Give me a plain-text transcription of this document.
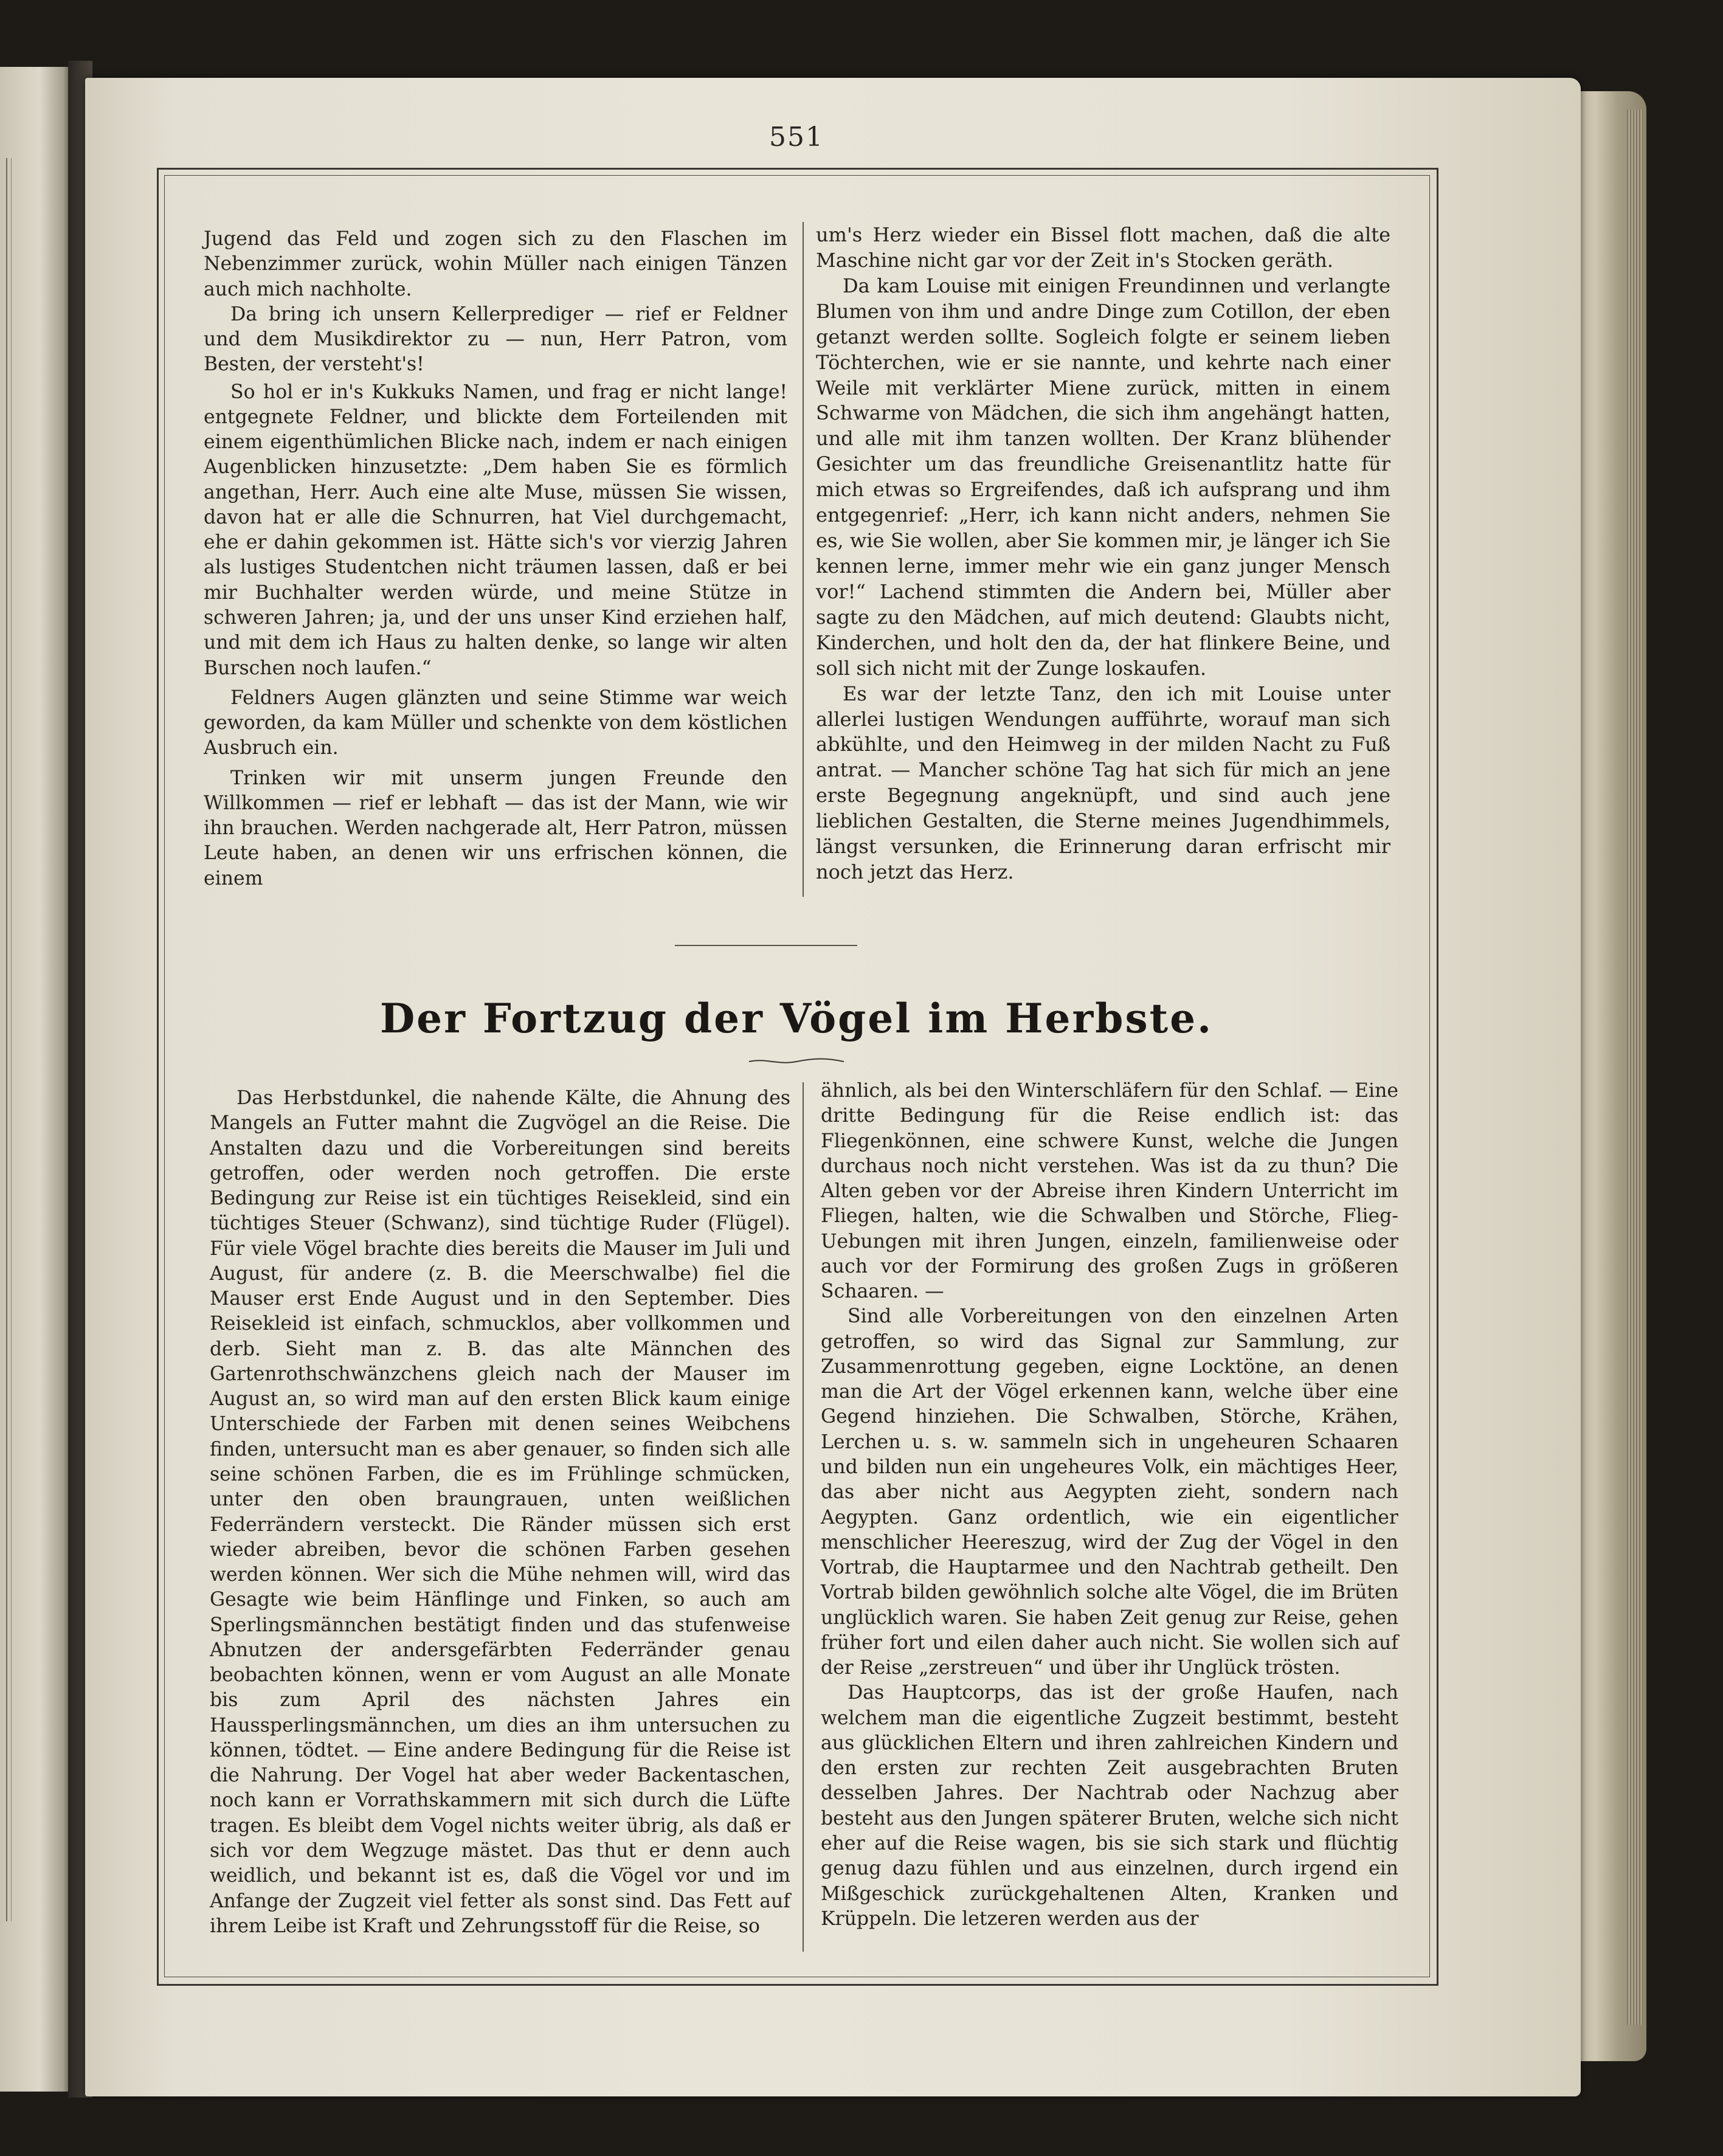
551

Jugend das Feld und zogen sich zu den Flaschen im Nebenzimmer zurück, wohin Müller nach einigen Tänzen auch mich nachholte.

Da bring ich unsern Kellerprediger — rief er Feldner und dem Musikdirektor zu — nun, Herr Patron, vom Besten, der versteht's!

So hol er in's Kukkuks Namen, und frag er nicht lange! entgegnete Feldner, und blickte dem Forteilenden mit einem eigenthümlichen Blicke nach, indem er nach einigen Augenblicken hinzusetzte: „Dem haben Sie es förmlich angethan, Herr. Auch eine alte Muse, müssen Sie wissen, davon hat er alle die Schnurren, hat Viel durchgemacht, ehe er dahin gekommen ist. Hätte sich's vor vierzig Jahren als lustiges Studentchen nicht träumen lassen, daß er bei mir Buchhalter werden würde, und meine Stütze in schweren Jahren; ja, und der uns unser Kind erziehen half, und mit dem ich Haus zu halten denke, so lange wir alten Burschen noch laufen.“

Feldners Augen glänzten und seine Stimme war weich geworden, da kam Müller und schenkte von dem köstlichen Ausbruch ein.

Trinken wir mit unserm jungen Freunde den Willkommen — rief er lebhaft — das ist der Mann, wie wir ihn brauchen. Werden nachgerade alt, Herr Patron, müssen Leute haben, an denen wir uns erfrischen können, die einem

um's Herz wieder ein Bissel flott machen, daß die alte Maschine nicht gar vor der Zeit in's Stocken geräth.

Da kam Louise mit einigen Freundinnen und verlangte Blumen von ihm und andre Dinge zum Cotillon, der eben getanzt werden sollte. Sogleich folgte er seinem lieben Töchterchen, wie er sie nannte, und kehrte nach einer Weile mit verklärter Miene zurück, mitten in einem Schwarme von Mädchen, die sich ihm angehängt hatten, und alle mit ihm tanzen wollten. Der Kranz blühender Gesichter um das freundliche Greisenantlitz hatte für mich etwas so Ergreifendes, daß ich aufsprang und ihm entgegenrief: „Herr, ich kann nicht anders, nehmen Sie es, wie Sie wollen, aber Sie kommen mir, je länger ich Sie kennen lerne, immer mehr wie ein ganz junger Mensch vor!“ Lachend stimmten die Andern bei, Müller aber sagte zu den Mädchen, auf mich deutend: Glaubts nicht, Kinderchen, und holt den da, der hat flinkere Beine, und soll sich nicht mit der Zunge loskaufen.

Es war der letzte Tanz, den ich mit Louise unter allerlei lustigen Wendungen aufführte, worauf man sich abkühlte, und den Heimweg in der milden Nacht zu Fuß antrat. — Mancher schöne Tag hat sich für mich an jene erste Begegnung angeknüpft, und sind auch jene lieblichen Gestalten, die Sterne meines Jugendhimmels, längst versunken, die Erinnerung daran erfrischt mir noch jetzt das Herz.

Der Fortzug der Vögel im Herbste.

Das Herbstdunkel, die nahende Kälte, die Ahnung des Mangels an Futter mahnt die Zugvögel an die Reise. Die Anstalten dazu und die Vorbereitungen sind bereits getroffen, oder werden noch getroffen. Die erste Bedingung zur Reise ist ein tüchtiges Reisekleid, sind ein tüchtiges Steuer (Schwanz), sind tüchtige Ruder (Flügel). Für viele Vögel brachte dies bereits die Mauser im Juli und August, für andere (z. B. die Meerschwalbe) fiel die Mauser erst Ende August und in den September. Dies Reisekleid ist einfach, schmucklos, aber vollkommen und derb. Sieht man z. B. das alte Männchen des Gartenrothschwänzchens gleich nach der Mauser im August an, so wird man auf den ersten Blick kaum einige Unterschiede der Farben mit denen seines Weibchens finden, untersucht man es aber genauer, so finden sich alle seine schönen Farben, die es im Frühlinge schmücken, unter den oben braungrauen, unten weißlichen Federrändern versteckt. Die Ränder müssen sich erst wieder abreiben, bevor die schönen Farben gesehen werden können. Wer sich die Mühe nehmen will, wird das Gesagte wie beim Hänflinge und Finken, so auch am Sperlingsmännchen bestätigt finden und das stufenweise Abnutzen der andersgefärbten Federränder genau beobachten können, wenn er vom August an alle Monate bis zum April des nächsten Jahres ein Haussperlingsmännchen, um dies an ihm untersuchen zu können, tödtet. — Eine andere Bedingung für die Reise ist die Nahrung. Der Vogel hat aber weder Backentaschen, noch kann er Vorrathskammern mit sich durch die Lüfte tragen. Es bleibt dem Vogel nichts weiter übrig, als daß er sich vor dem Wegzuge mästet. Das thut er denn auch weidlich, und bekannt ist es, daß die Vögel vor und im Anfange der Zugzeit viel fetter als sonst sind. Das Fett auf ihrem Leibe ist Kraft und Zehrungsstoff für die Reise, so

ähnlich, als bei den Winterschläfern für den Schlaf. — Eine dritte Bedingung für die Reise endlich ist: das Fliegenkönnen, eine schwere Kunst, welche die Jungen durchaus noch nicht verstehen. Was ist da zu thun? Die Alten geben vor der Abreise ihren Kindern Unterricht im Fliegen, halten, wie die Schwalben und Störche, Flieg-Uebungen mit ihren Jungen, einzeln, familienweise oder auch vor der Formirung des großen Zugs in größeren Schaaren. —

Sind alle Vorbereitungen von den einzelnen Arten getroffen, so wird das Signal zur Sammlung, zur Zusammenrottung gegeben, eigne Locktöne, an denen man die Art der Vögel erkennen kann, welche über eine Gegend hinziehen. Die Schwalben, Störche, Krähen, Lerchen u. s. w. sammeln sich in ungeheuren Schaaren und bilden nun ein ungeheures Volk, ein mächtiges Heer, das aber nicht aus Aegypten zieht, sondern nach Aegypten. Ganz ordentlich, wie ein eigentlicher menschlicher Heereszug, wird der Zug der Vögel in den Vortrab, die Hauptarmee und den Nachtrab getheilt. Den Vortrab bilden gewöhnlich solche alte Vögel, die im Brüten unglücklich waren. Sie haben Zeit genug zur Reise, gehen früher fort und eilen daher auch nicht. Sie wollen sich auf der Reise „zerstreuen“ und über ihr Unglück trösten.

Das Hauptcorps, das ist der große Haufen, nach welchem man die eigentliche Zugzeit bestimmt, besteht aus glücklichen Eltern und ihren zahlreichen Kindern und den ersten zur rechten Zeit ausgebrachten Bruten desselben Jahres. Der Nachtrab oder Nachzug aber besteht aus den Jungen späterer Bruten, welche sich nicht eher auf die Reise wagen, bis sie sich stark und flüchtig genug dazu fühlen und aus einzelnen, durch irgend ein Mißgeschick zurückgehaltenen Alten, Kranken und Krüppeln. Die letzeren werden aus der
